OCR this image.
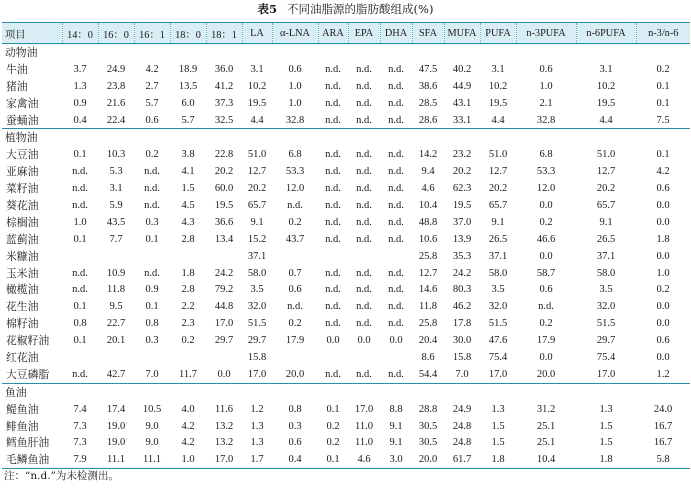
表5 不同油脂源的脂肪酸组成(%)
项目	14：0	16：0	16：1	18：0	18：1	LA	α-LNA	ARA	EPA	DHA	SFA	MUFA	PUFA	n-3PUFA	n-6PUFA	n-3/n-6
动物油																
牛油	3.7	24.9	4.2	18.9	36.0	3.1	0.6	n.d.	n.d.	n.d.	47.5	40.2	3.1	0.6	3.1	0.2
猪油	1.3	23.8	2.7	13.5	41.2	10.2	1.0	n.d.	n.d.	n.d.	38.6	44.9	10.2	1.0	10.2	0.1
家禽油	0.9	21.6	5.7	6.0	37.3	19.5	1.0	n.d.	n.d.	n.d.	28.5	43.1	19.5	2.1	19.5	0.1
蚕蛹油	0.4	22.4	0.6	5.7	32.5	4.4	32.8	n.d.	n.d.	n.d.	28.6	33.1	4.4	32.8	4.4	7.5
植物油																
大豆油	0.1	10.3	0.2	3.8	22.8	51.0	6.8	n.d.	n.d.	n.d.	14.2	23.2	51.0	6.8	51.0	0.1
亚麻油	n.d.	5.3	n.d.	4.1	20.2	12.7	53.3	n.d.	n.d.	n.d.	9.4	20.2	12.7	53.3	12.7	4.2
菜籽油	n.d.	3.1	n.d.	1.5	60.0	20.2	12.0	n.d.	n.d.	n.d.	4.6	62.3	20.2	12.0	20.2	0.6
葵花油	n.d.	5.9	n.d.	4.5	19.5	65.7	n.d.	n.d.	n.d.	n.d.	10.4	19.5	65.7	0.0	65.7	0.0
棕榈油	1.0	43.5	0.3	4.3	36.6	9.1	0.2	n.d.	n.d.	n.d.	48.8	37.0	9.1	0.2	9.1	0.0
蓝蓟油	0.1	7.7	0.1	2.8	13.4	15.2	43.7	n.d.	n.d.	n.d.	10.6	13.9	26.5	46.6	26.5	1.8
米糠油						37.1					25.8	35.3	37.1	0.0	37.1	0.0
玉米油	n.d.	10.9	n.d.	1.8	24.2	58.0	0.7	n.d.	n.d.	n.d.	12.7	24.2	58.0	58.7	58.0	1.0
橄榄油	n.d.	11.8	0.9	2.8	79.2	3.5	0.6	n.d.	n.d.	n.d.	14.6	80.3	3.5	0.6	3.5	0.2
花生油	0.1	9.5	0.1	2.2	44.8	32.0	n.d.	n.d.	n.d.	n.d.	11.8	46.2	32.0	n.d.	32.0	0.0
棉籽油	0.8	22.7	0.8	2.3	17.0	51.5	0.2	n.d.	n.d.	n.d.	25.8	17.8	51.5	0.2	51.5	0.0
花椒籽油	0.1	20.1	0.3	0.2	29.7	29.7	17.9	0.0	0.0	0.0	20.4	30.0	47.6	17.9	29.7	0.6
红花油						15.8					8.6	15.8	75.4	0.0	75.4	0.0
大豆磷脂	n.d.	42.7	7.0	11.7	0.0	17.0	20.0	n.d.	n.d.	n.d.	54.4	7.0	17.0	20.0	17.0	1.2
鱼油																
鳀鱼油	7.4	17.4	10.5	4.0	11.6	1.2	0.8	0.1	17.0	8.8	28.8	24.9	1.3	31.2	1.3	24.0
鲱鱼油	7.3	19.0	9.0	4.2	13.2	1.3	0.3	0.2	11.0	9.1	30.5	24.8	1.5	25.1	1.5	16.7
鳕鱼肝油	7.3	19.0	9.0	4.2	13.2	1.3	0.6	0.2	11.0	9.1	30.5	24.8	1.5	25.1	1.5	16.7
毛鳞鱼油	7.9	11.1	11.1	1.0	17.0	1.7	0.4	0.1	4.6	3.0	20.0	61.7	1.8	10.4	1.8	5.8
注：“n.d.”为未检测出。
